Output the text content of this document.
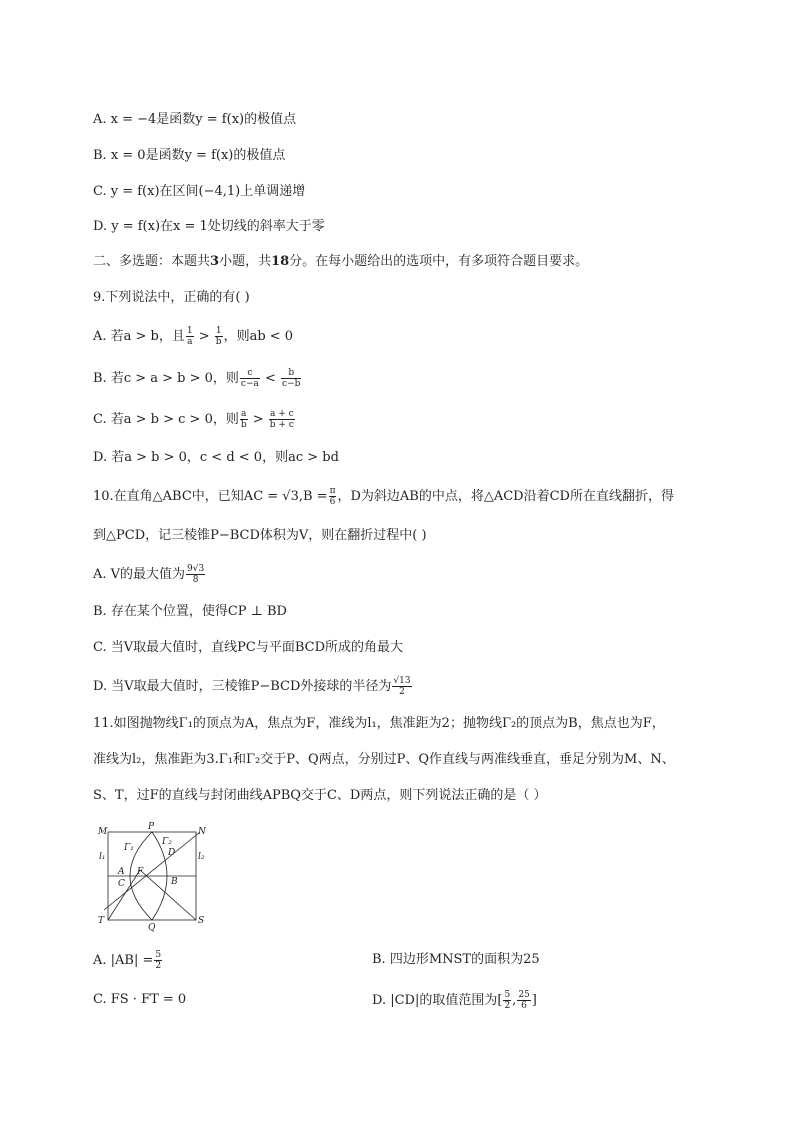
A. x = −4是函数y = f(x)的极值点
B. x = 0是函数y = f(x)的极值点
C. y = f(x)在区间(−4,1)上单调递增
D. y = f(x)在x = 1处切线的斜率大于零
二、多选题：本题共3小题，共18分。在每小题给出的选项中，有多项符合题目要求。
9.下列说法中，正确的有( )
A. 若a > b，且 $\frac{1}{a} > \frac{1}{b}$ ，则ab < 0
B. 若c > a > b > 0，则 $\frac{c}{c-a} < \frac{b}{c-b}$
C. 若a > b > c > 0，则 $\frac{a}{b} > \frac{a + c}{b + c}$
D. 若a > b > 0，c < d < 0，则ac > bd
10.在直角△ABC中，已知AC = $√3,B = \frac{\pi}{6}$ ，D为斜边AB的中点，将△ACD沿着CD所在直线翻折，得
到△PCD，记三棱锥P−BCD体积为V，则在翻折过程中( )
A. V的最大值为 $\frac{9√3}{8}$
B. 存在某个位置，使得CP ⊥ BD
C. 当V取最大值时，直线PC与平面BCD所成的角最大
D. 当V取最大值时，三棱锥P−BCD外接球的半径为 $\frac{√13}{2}$
11.如图抛物线Γ₁的顶点为A，焦点为F，准线为l₁，焦准距为2；抛物线Γ₂的顶点为B，焦点也为F，
准线为l₂，焦准距为3.Γ₁和Γ₂交于P、Q两点，分别过P、Q作直线与两准线垂直，垂足分别为M、N、
S、T，过F的直线与封闭曲线APBQ交于C、D两点，则下列说法正确的是（ ）
M	P	N
Γ₁
Γ₂
D
l₁	l₂
A F
C	B
T
Q
S
A. $|AB| = \frac{5}{2}$	B. 四边形MNST的面积为25
C. FS · FT = 0	D. |CD|的取值范围为[ $\frac{5}{2}$ , $\frac{25}{6}$ ]
